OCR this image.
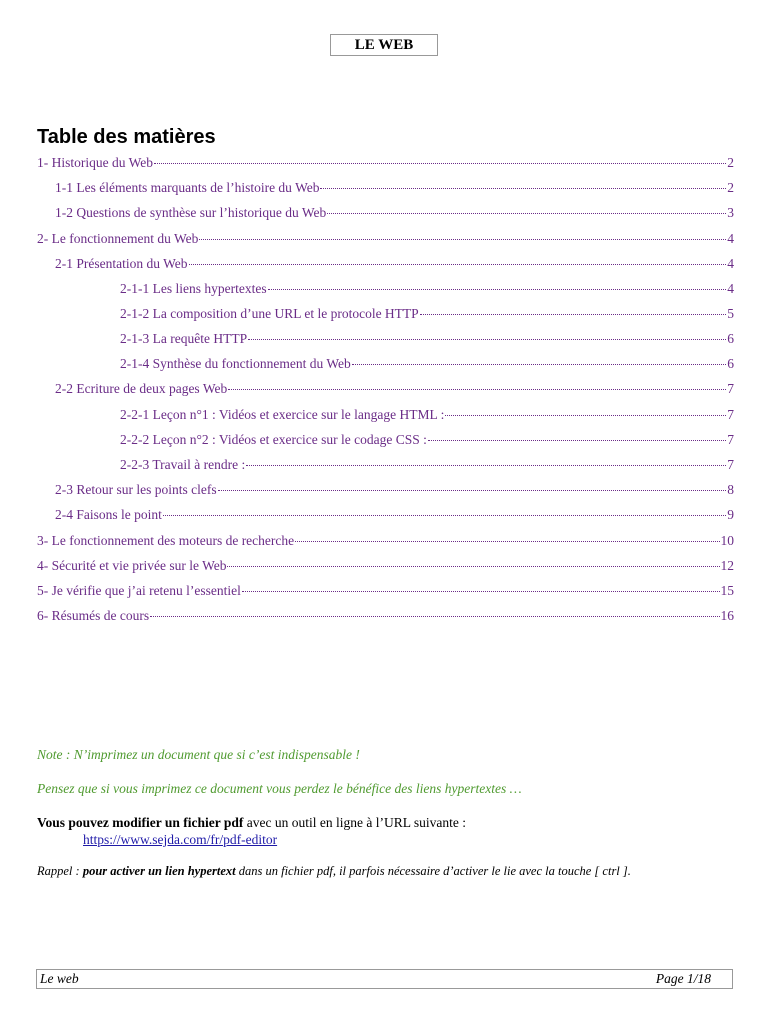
LE WEB
Table des matières
1- Historique du Web	2
1-1 Les éléments marquants de l’histoire du Web	2
1-2 Questions de synthèse sur l’historique du Web	3
2- Le fonctionnement du Web	4
2-1 Présentation du Web	4
2-1-1 Les liens hypertextes	4
2-1-2 La composition d’une URL et le protocole HTTP	5
2-1-3 La requête HTTP	6
2-1-4 Synthèse du fonctionnement du Web	6
2-2 Ecriture de deux pages Web	7
2-2-1 Leçon n°1 : Vidéos et exercice sur le langage HTML :	7
2-2-2 Leçon n°2 : Vidéos et exercice sur le codage CSS :	7
2-2-3 Travail à rendre :	7
2-3 Retour sur les points clefs	8
2-4 Faisons le point	9
3- Le fonctionnement des moteurs de recherche	10
4- Sécurité et vie privée sur le Web	12
5- Je vérifie que j’ai retenu l’essentiel	15
6- Résumés de cours	16
Note : N’imprimez un document que si c’est indispensable !
Pensez que si vous imprimez ce document vous perdez le bénéfice des liens hypertextes …
Vous pouvez modifier un fichier pdf avec un outil en ligne à l’URL suivante :
https://www.sejda.com/fr/pdf-editor
Rappel : pour activer un lien hypertext dans un fichier pdf, il parfois nécessaire d’activer le lie avec la touche [ ctrl ].
Le web	Page 1/18
